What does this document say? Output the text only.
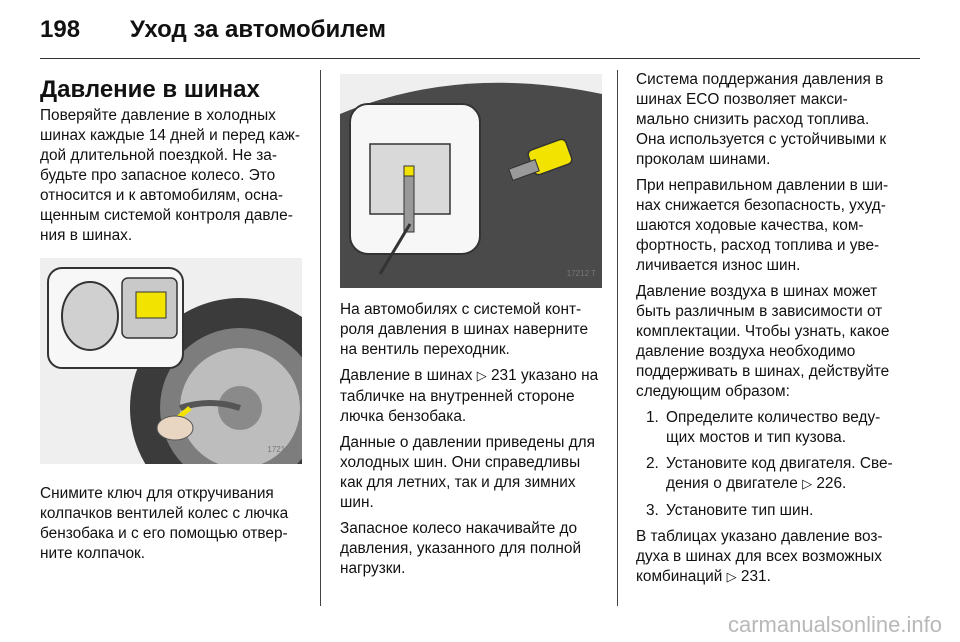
198 Уход за автомобилем
Давление в шинах

Поверяйте давление в холодных шинах каждые 14 дней и перед каж-дой длительной поездкой. Не за-будьте про запасное колесо. Это относится и к автомобилям, осна-щенным системой контроля давле-ния в шинах.

17211 T

Снимите ключ для откручивания колпачков вентилей колес с лючка бензобака и с его помощью отвер-ните колпачок.

17212 T

На автомобилях с системой конт-роля давления в шинах наверните на вентиль переходник.

Давление в шинах ▷ 231 указано на табличке на внутренней стороне лючка бензобака.

Данные о давлении приведены для холодных шин. Они справедливы как для летних, так и для зимних шин.

Запасное колесо накачивайте до давления, указанного для полной нагрузки.

Система поддержания давления в шинах ECO позволяет макси-мально снизить расход топлива. Она используется с устойчивыми к проколам шинами.

При неправильном давлении в ши-нах снижается безопасность, ухуд-шаются ходовые качества, ком-фортность, расход топлива и уве-личивается износ шин.

Давление воздуха в шинах может быть различным в зависимости от комплектации. Чтобы узнать, какое давление воздуха необходимо поддерживать в шинах, действуйте следующим образом:

1. Определите количество веду-щих мостов и тип кузова.
2. Установите код двигателя. Све-дения о двигателе ▷ 226.
3. Установите тип шин.

В таблицах указано давление воз-духа в шинах для всех возможных комбинаций ▷ 231.

carmanualsonline.info
